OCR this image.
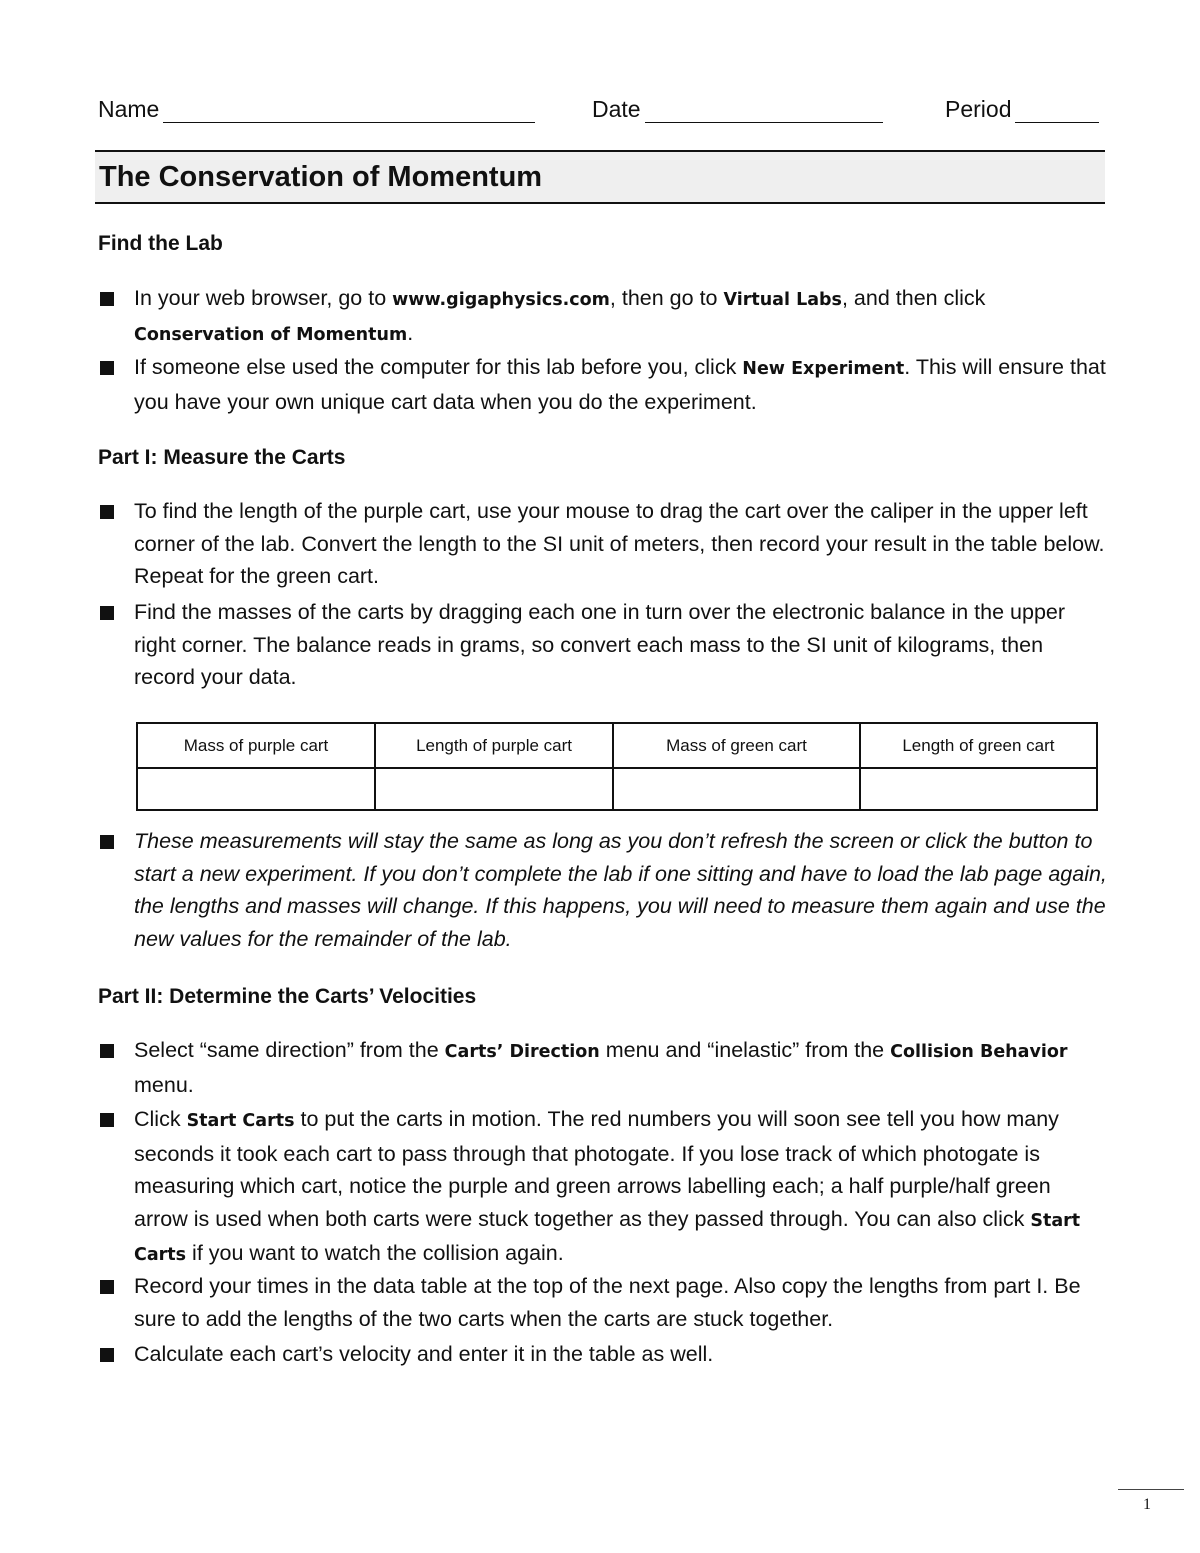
Name	Date	Period
The Conservation of Momentum
Find the Lab
In your web browser, go to www.gigaphysics.com, then go to Virtual Labs, and then click
Conservation of Momentum.
If someone else used the computer for this lab before you, click New Experiment. This will ensure that you have your own unique cart data when you do the experiment.
Part I: Measure the Carts
To find the length of the purple cart, use your mouse to drag the cart over the caliper in the upper left corner of the lab. Convert the length to the SI unit of meters, then record your result in the table below. Repeat for the green cart.
Find the masses of the carts by dragging each one in turn over the electronic balance in the upper right corner. The balance reads in grams, so convert each mass to the SI unit of kilograms, then record your data.
Mass of purple cart	Length of purple cart	Mass of green cart	Length of green cart

These measurements will stay the same as long as you don’t refresh the screen or click the button to start a new experiment. If you don’t complete the lab if one sitting and have to load the lab page again, the lengths and masses will change. If this happens, you will need to measure them again and use the new values for the remainder of the lab.
Part II: Determine the Carts’ Velocities
Select “same direction” from the Carts’ Direction menu and “inelastic” from the Collision Behavior menu.
Click Start Carts to put the carts in motion. The red numbers you will soon see tell you how many seconds it took each cart to pass through that photogate. If you lose track of which photogate is measuring which cart, notice the purple and green arrows labelling each; a half purple/half green arrow is used when both carts were stuck together as they passed through. You can also click Start Carts if you want to watch the collision again.
Record your times in the data table at the top of the next page. Also copy the lengths from part I. Be sure to add the lengths of the two carts when the carts are stuck together.
Calculate each cart’s velocity and enter it in the table as well.
1
